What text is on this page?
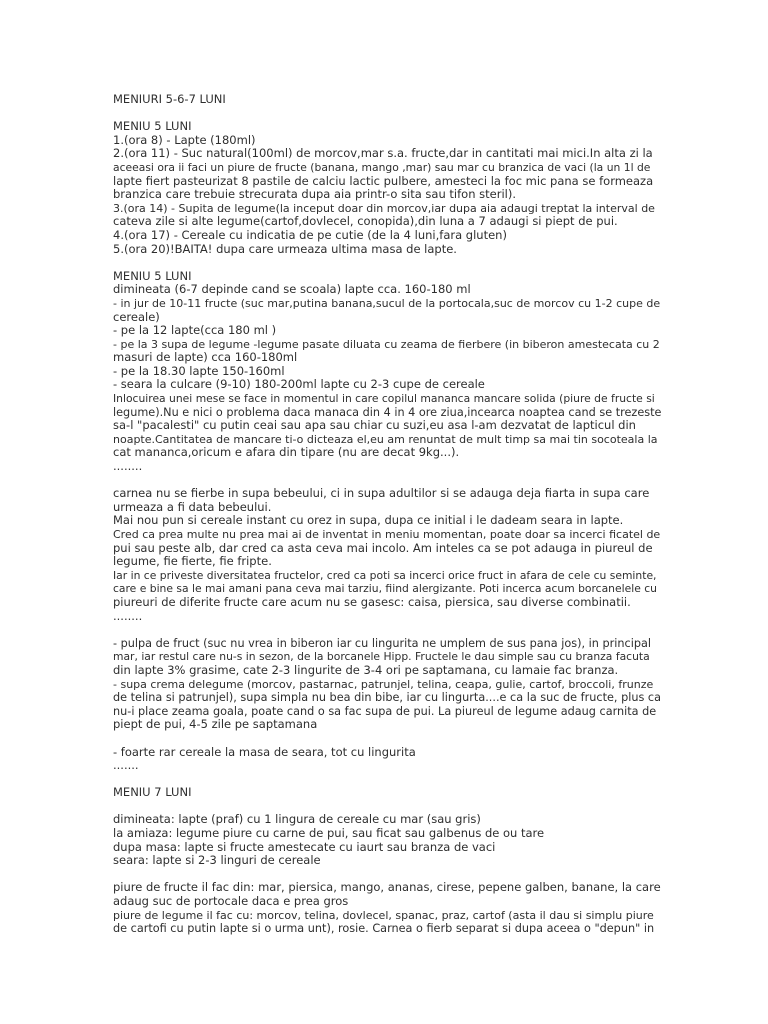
MENIURI 5-6-7 LUNI
MENIU 5 LUNI
1.(ora 8) - Lapte (180ml)
2.(ora 11) - Suc natural(100ml) de morcov,mar s.a. fructe,dar in cantitati mai mici.In alta zi la
aceeasi ora ii faci un piure de fructe (banana, mango ,mar) sau mar cu branzica de vaci (la un 1l de
lapte fiert pasteurizat 8 pastile de calciu lactic pulbere, amesteci la foc mic pana se formeaza
branzica care trebuie strecurata dupa aia printr-o sita sau tifon steril).
3.(ora 14) - Supita de legume(la inceput doar din morcov,iar dupa aia adaugi treptat la interval de
cateva zile si alte legume(cartof,dovlecel, conopida),din luna a 7 adaugi si piept de pui.
4.(ora 17) - Cereale cu indicatia de pe cutie (de la 4 luni,fara gluten)
5.(ora 20)!BAITA! dupa care urmeaza ultima masa de lapte.
MENIU 5 LUNI
dimineata (6-7 depinde cand se scoala) lapte cca. 160-180 ml
- in jur de 10-11 fructe (suc mar,putina banana,sucul de la portocala,suc de morcov cu 1-2 cupe de
cereale)
- pe la 12 lapte(cca 180 ml )
- pe la 3 supa de legume -legume pasate diluata cu zeama de fierbere (in biberon amestecata cu 2
masuri de lapte) cca 160-180ml
- pe la 18.30 lapte 150-160ml
- seara la culcare (9-10) 180-200ml lapte cu 2-3 cupe de cereale
Inlocuirea unei mese se face in momentul in care copilul mananca mancare solida (piure de fructe si
legume).Nu e nici o problema daca manaca din 4 in 4 ore ziua,incearca noaptea cand se trezeste
sa-l "pacalesti" cu putin ceai sau apa sau chiar cu suzi,eu asa l-am dezvatat de lapticul din
noapte.Cantitatea de mancare ti-o dicteaza el,eu am renuntat de mult timp sa mai tin socoteala la
cat mananca,oricum e afara din tipare (nu are decat 9kg...).
........
carnea nu se fierbe in supa bebeului, ci in supa adultilor si se adauga deja fiarta in supa care
urmeaza a fi data bebeului.
Mai nou pun si cereale instant cu orez in supa, dupa ce initial i le dadeam seara in lapte.
Cred ca prea multe nu prea mai ai de inventat in meniu momentan, poate doar sa incerci ficatel de
pui sau peste alb, dar cred ca asta ceva mai incolo. Am inteles ca se pot adauga in piureul de
legume, fie fierte, fie fripte.
Iar in ce priveste diversitatea fructelor, cred ca poti sa incerci orice fruct in afara de cele cu seminte,
care e bine sa le mai amani pana ceva mai tarziu, fiind alergizante. Poti incerca acum borcanelele cu
piureuri de diferite fructe care acum nu se gasesc: caisa, piersica, sau diverse combinatii.
........
- pulpa de fruct (suc nu vrea in biberon iar cu lingurita ne umplem de sus pana jos), in principal
mar, iar restul care nu-s in sezon, de la borcanele Hipp. Fructele le dau simple sau cu branza facuta
din lapte 3% grasime, cate 2-3 lingurite de 3-4 ori pe saptamana, cu lamaie fac branza.
- supa crema delegume (morcov, pastarnac, patrunjel, telina, ceapa, gulie, cartof, broccoli, frunze
de telina si patrunjel), supa simpla nu bea din bibe, iar cu lingurta....e ca la suc de fructe, plus ca
nu-i place zeama goala, poate cand o sa fac supa de pui. La piureul de legume adaug carnita de
piept de pui, 4-5 zile pe saptamana
- foarte rar cereale la masa de seara, tot cu lingurita
.......
MENIU 7 LUNI
dimineata: lapte (praf) cu 1 lingura de cereale cu mar (sau gris)
la amiaza: legume piure cu carne de pui, sau ficat sau galbenus de ou tare
dupa masa: lapte si fructe amestecate cu iaurt sau branza de vaci
seara: lapte si 2-3 linguri de cereale
piure de fructe il fac din: mar, piersica, mango, ananas, cirese, pepene galben, banane, la care
adaug suc de portocale daca e prea gros
piure de legume il fac cu: morcov, telina, dovlecel, spanac, praz, cartof (asta il dau si simplu piure
de cartofi cu putin lapte si o urma unt), rosie. Carnea o fierb separat si dupa aceea o "depun" in
